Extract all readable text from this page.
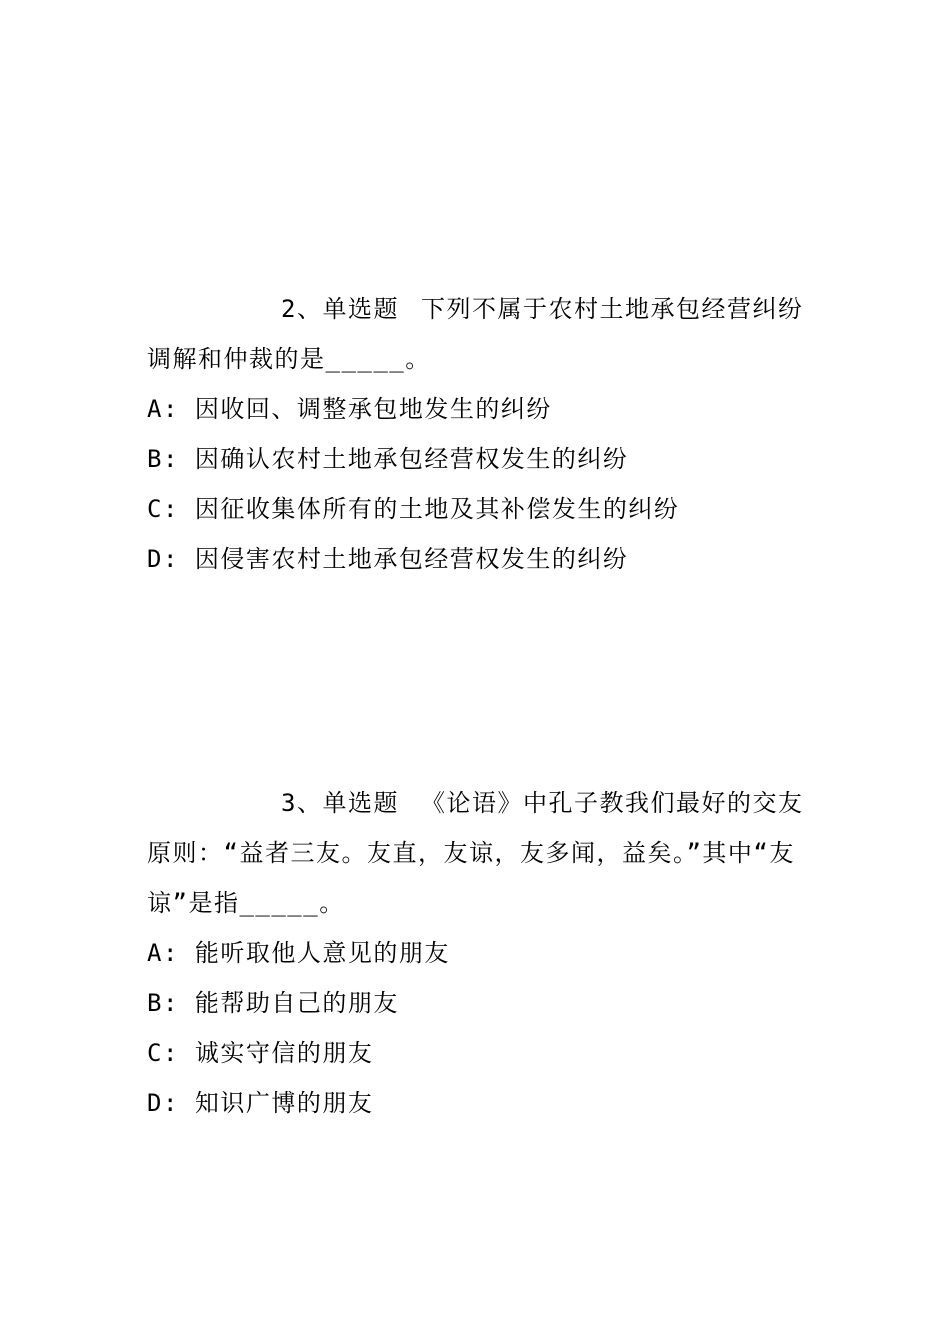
2、单选题 下列不属于农村土地承包经营纠纷调解和仲裁的是_____。

A: 因收回、调整承包地发生的纠纷

B: 因确认农村土地承包经营权发生的纠纷

C: 因征收集体所有的土地及其补偿发生的纠纷

D: 因侵害农村土地承包经营权发生的纠纷

3、单选题 《论语》中孔子教我们最好的交友原则：“益者三友。友直，友谅，友多闻，益矣。”其中“友谅”是指_____。

A: 能听取他人意见的朋友

B: 能帮助自己的朋友

C: 诚实守信的朋友

D: 知识广博的朋友
